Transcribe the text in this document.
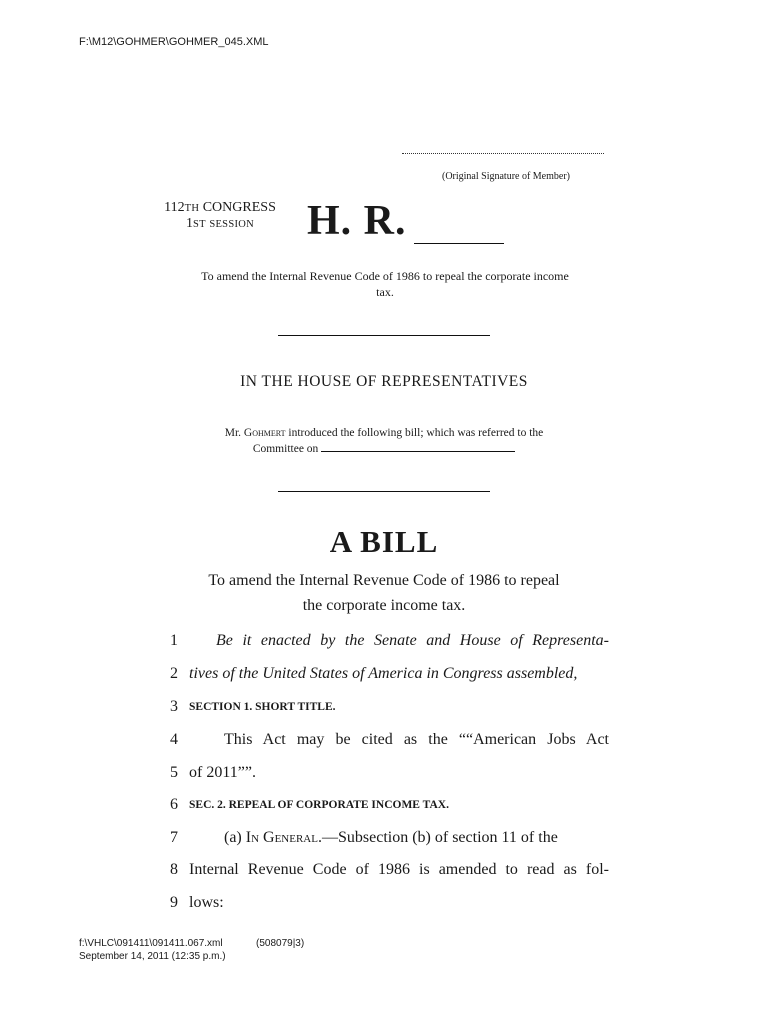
F:\M12\GOHMER\GOHMER_045.XML
(Original Signature of Member)
112TH CONGRESS
1ST SESSION	H. R.
To amend the Internal Revenue Code of 1986 to repeal the corporate income
tax.
IN THE HOUSE OF REPRESENTATIVES
Mr. Gohmert introduced the following bill; which was referred to the
Committee on
A BILL
To amend the Internal Revenue Code of 1986 to repeal
the corporate income tax.
1	Be it enacted by the Senate and House of Representa-
2 tives of the United States of America in Congress assembled,
3 SECTION 1. SHORT TITLE.
4	This Act may be cited as the ““American Jobs Act
5 of 2011””.
6 SEC. 2. REPEAL OF CORPORATE INCOME TAX.
7	(a) In General.—Subsection (b) of section 11 of the
8 Internal Revenue Code of 1986 is amended to read as fol-
9 lows:
f:\VHLC\091411\091411.067.xml	(508079|3)
September 14, 2011 (12:35 p.m.)
